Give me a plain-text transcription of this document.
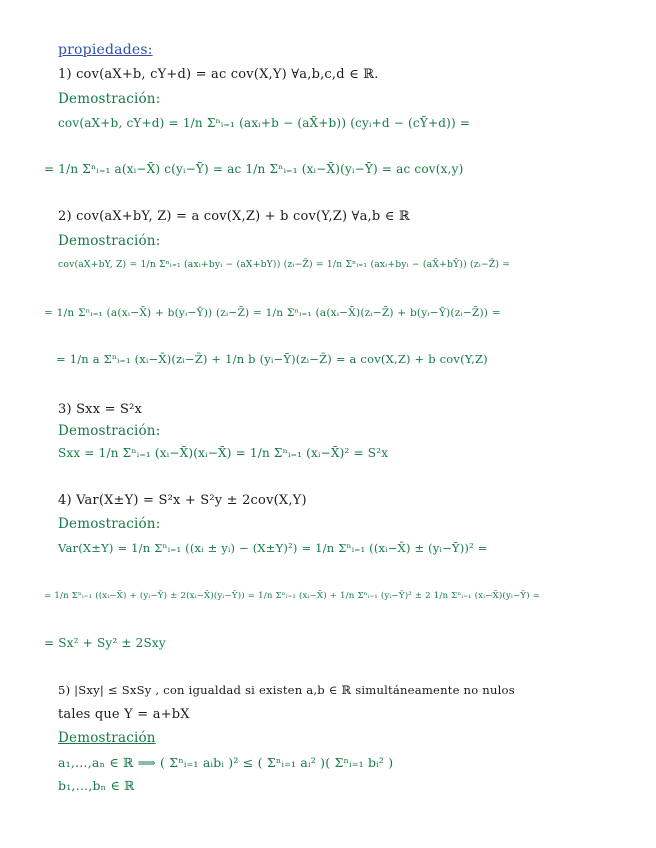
propiedades:
1) cov(aX+b, cY+d) = ac cov(X,Y) ∀a,b,c,d ∈ ℝ.
Demostración:
cov(aX+b, cY+d) = 1/n Σⁿᵢ₌₁ (axᵢ+b − (aX̄+b)) (cyᵢ+d − (cȲ+d)) =
= 1/n Σⁿᵢ₌₁ a(xᵢ−X̄) c(yᵢ−Ȳ) = ac 1/n Σⁿᵢ₌₁ (xᵢ−X̄)(yᵢ−Ȳ) = ac cov(x,y)
2) cov(aX+bY, Z) = a cov(X,Z) + b cov(Y,Z) ∀a,b ∈ ℝ
Demostración:
cov(aX+bY, Z) = 1/n Σⁿᵢ₌₁ (axᵢ+byᵢ − (aX+bY)) (zᵢ−Z̄) = 1/n Σⁿᵢ₌₁ (axᵢ+byᵢ − (aX̄+bȲ)) (zᵢ−Z̄) =
= 1/n Σⁿᵢ₌₁ (a(xᵢ−X̄) + b(yᵢ−Ȳ)) (zᵢ−Z̄) = 1/n Σⁿᵢ₌₁ (a(xᵢ−X̄)(zᵢ−Z̄) + b(yᵢ−Ȳ)(zᵢ−Z̄)) =
= 1/n a Σⁿᵢ₌₁ (xᵢ−X̄)(zᵢ−Z̄) + 1/n b (yᵢ−Ȳ)(zᵢ−Z̄) = a cov(X,Z) + b cov(Y,Z)
3) Sxx = S²x
Demostración:
Sxx = 1/n Σⁿᵢ₌₁ (xᵢ−X̄)(xᵢ−X̄) = 1/n Σⁿᵢ₌₁ (xᵢ−X̄)² = S²x
4) Var(X±Y) = S²x + S²y ± 2cov(X,Y)
Demostración:
Var(X±Y) = 1/n Σⁿᵢ₌₁ ((xᵢ ± yᵢ) − (X±Y)²) = 1/n Σⁿᵢ₌₁ ((xᵢ−X̄) ± (yᵢ−Ȳ))² =
= 1/n Σⁿᵢ₌₁ ((xᵢ−X̄) + (yᵢ−Ȳ) ± 2(xᵢ−X̄)(yᵢ−Ȳ)) = 1/n Σⁿᵢ₌₁ (xᵢ−X̄) + 1/n Σⁿᵢ₌₁ (yᵢ−Ȳ)² ± 2 1/n Σⁿᵢ₌₁ (xᵢ−X̄)(yᵢ−Ȳ) =
= Sx² + Sy² ± 2Sxy
5) |Sxy| ≤ SxSy , con igualdad si existen a,b ∈ ℝ simultáneamente no nulos
tales que Y = a+bX
Demostración
a₁,…,aₙ ∈ ℝ ⟹ ( Σⁿᵢ₌₁ aᵢbᵢ )² ≤ ( Σⁿᵢ₌₁ aᵢ² )( Σⁿᵢ₌₁ bᵢ² )
b₁,…,bₙ ∈ ℝ
